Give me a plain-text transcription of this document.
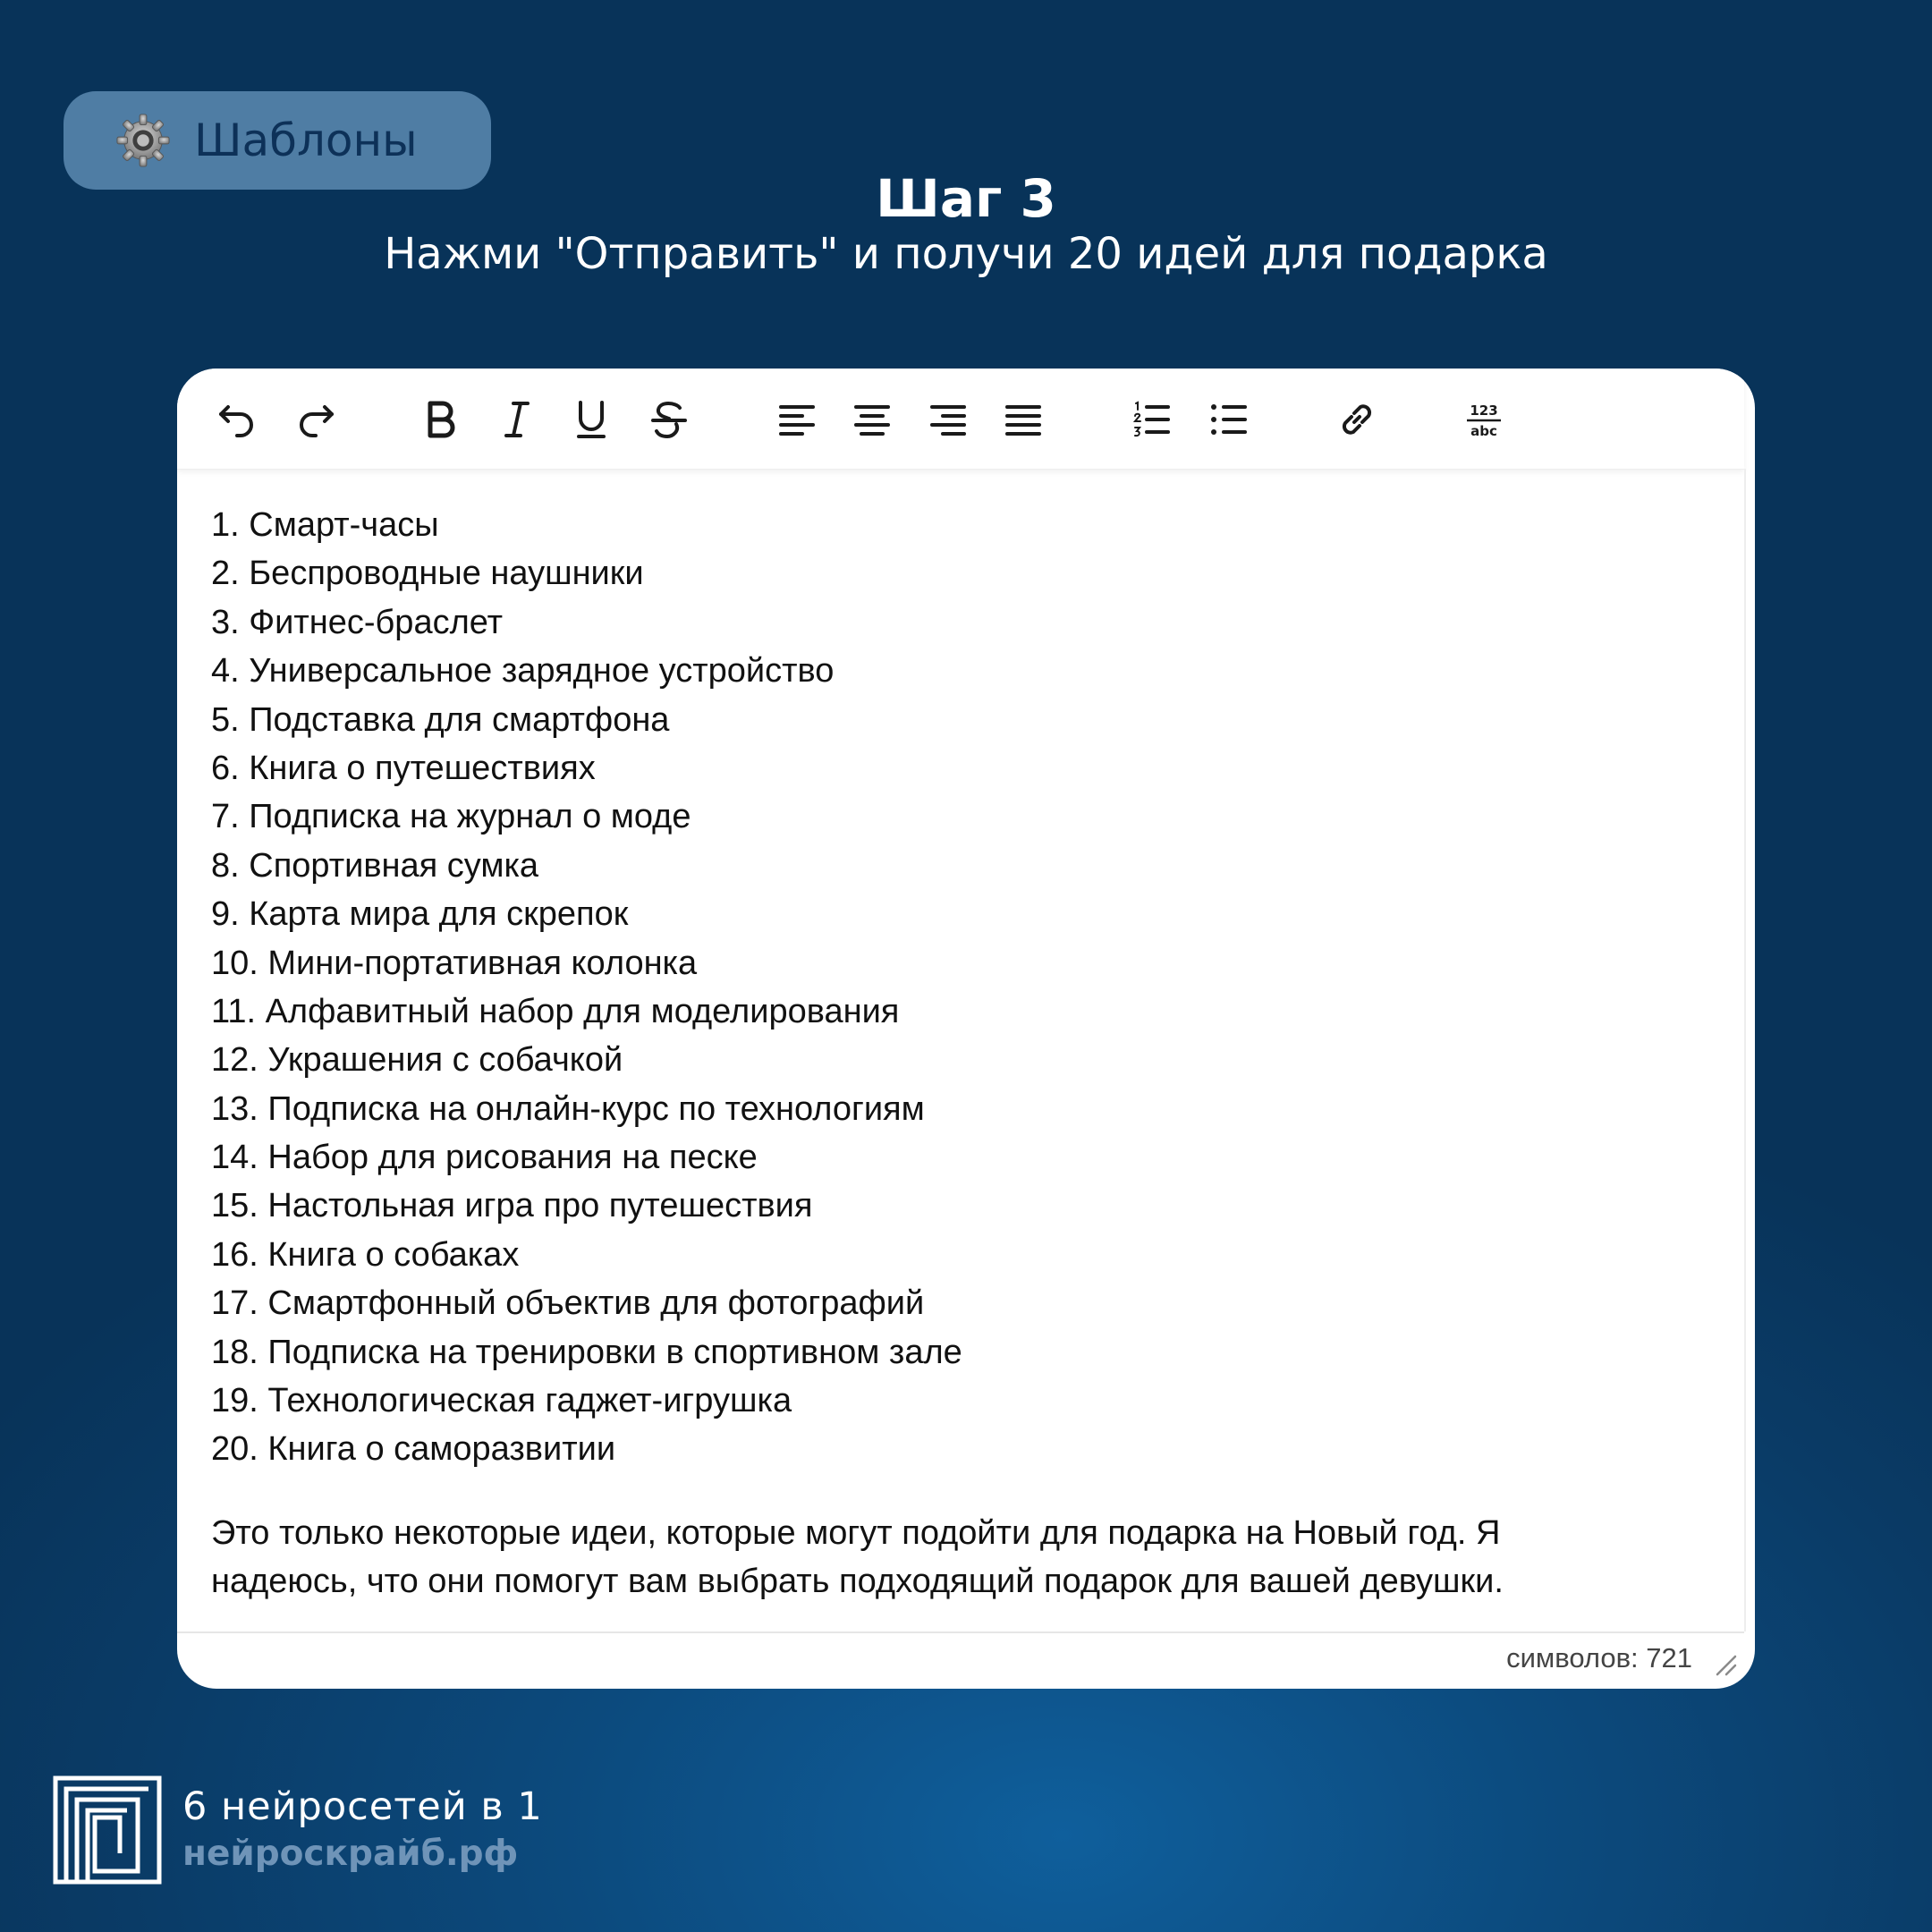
Шаблоны
Шаг 3
Нажми "Отправить" и получи 20 идей для подарка
123
abc
1. Смарт-часы
2. Беспроводные наушники
3. Фитнес-браслет
4. Универсальное зарядное устройство
5. Подставка для смартфона
6. Книга о путешествиях
7. Подписка на журнал о моде
8. Спортивная сумка
9. Карта мира для скрепок
10. Мини-портативная колонка
11. Алфавитный набор для моделирования
12. Украшения с собачкой
13. Подписка на онлайн-курс по технологиям
14. Набор для рисования на песке
15. Настольная игра про путешествия
16. Книга о собаках
17. Смартфонный объектив для фотографий
18. Подписка на тренировки в спортивном зале
19. Технологическая гаджет-игрушка
20. Книга о саморазвитии
Это только некоторые идеи, которые могут подойти для подарка на Новый год. Я
надеюсь, что они помогут вам выбрать подходящий подарок для вашей девушки.
символов: 721
6 нейросетей в 1
нейроскрайб.рф
